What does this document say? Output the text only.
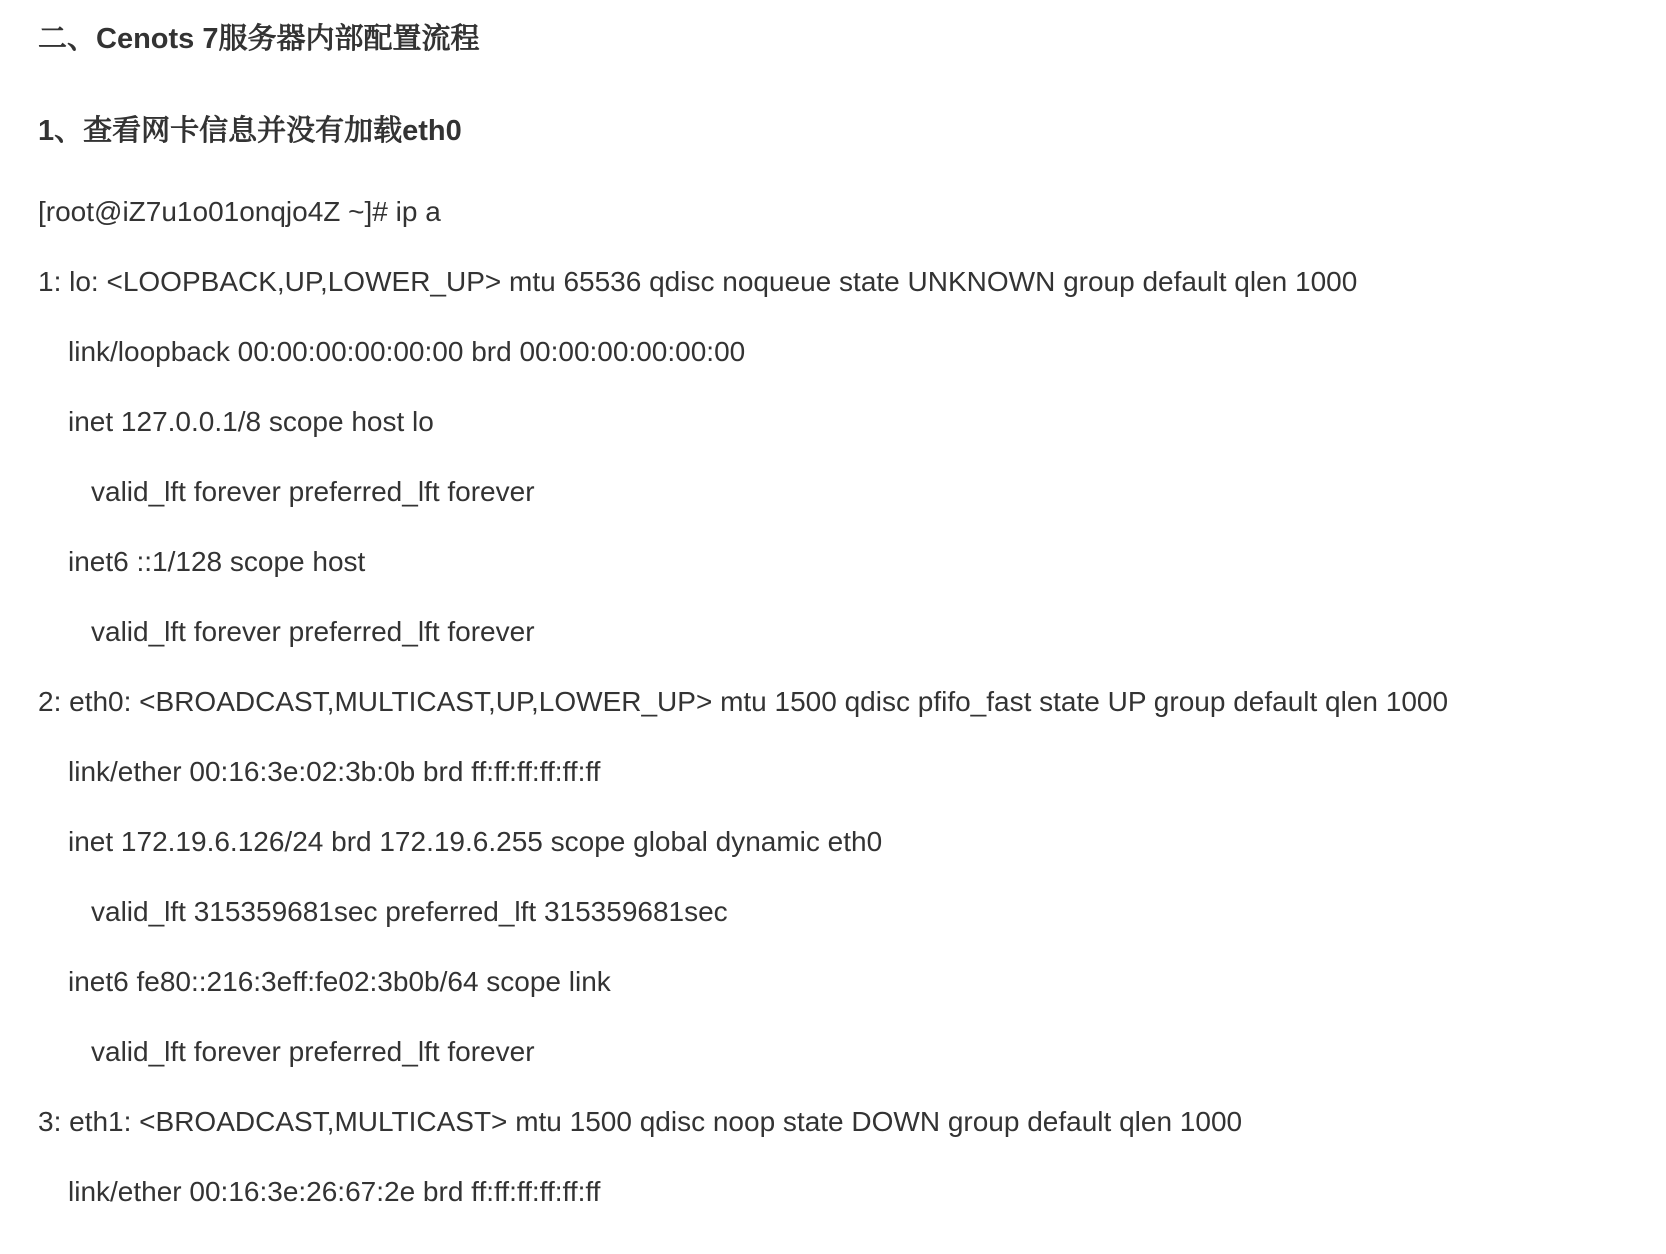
二、Cenots 7服务器内部配置流程
1、查看网卡信息并没有加载eth0

[root@iZ7u1o01onqjo4Z ~]# ip a

1: lo: <LOOPBACK,UP,LOWER_UP> mtu 65536 qdisc noqueue state UNKNOWN group default qlen 1000

link/loopback 00:00:00:00:00:00 brd 00:00:00:00:00:00

inet 127.0.0.1/8 scope host lo

valid_lft forever preferred_lft forever

inet6 ::1/128 scope host

valid_lft forever preferred_lft forever

2: eth0: <BROADCAST,MULTICAST,UP,LOWER_UP> mtu 1500 qdisc pfifo_fast state UP group default qlen 1000

link/ether 00:16:3e:02:3b:0b brd ff:ff:ff:ff:ff:ff

inet 172.19.6.126/24 brd 172.19.6.255 scope global dynamic eth0

valid_lft 315359681sec preferred_lft 315359681sec

inet6 fe80::216:3eff:fe02:3b0b/64 scope link

valid_lft forever preferred_lft forever

3: eth1: <BROADCAST,MULTICAST> mtu 1500 qdisc noop state DOWN group default qlen 1000

link/ether 00:16:3e:26:67:2e brd ff:ff:ff:ff:ff:ff
